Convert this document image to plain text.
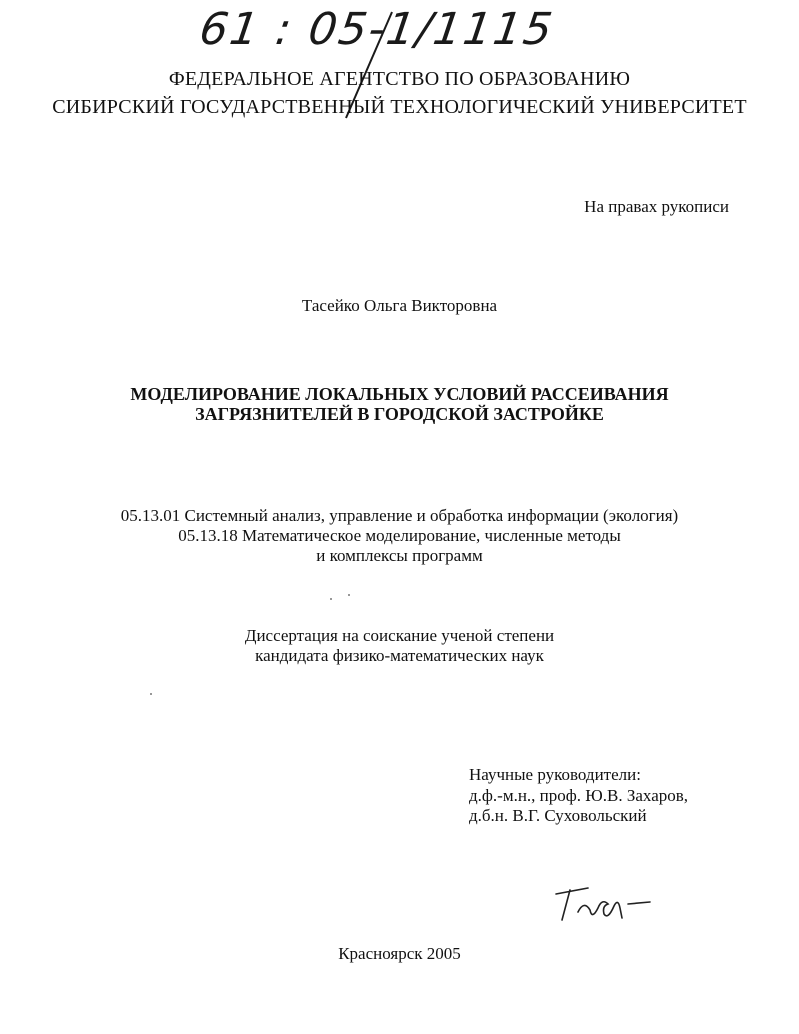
61 : 05-1/1115
ФЕДЕРАЛЬНОЕ АГЕНТСТВО ПО ОБРАЗОВАНИЮ
СИБИРСКИЙ ГОСУДАРСТВЕННЫЙ ТЕХНОЛОГИЧЕСКИЙ УНИВЕРСИТЕТ
На правах рукописи
Тасейко Ольга Викторовна
МОДЕЛИРОВАНИЕ ЛОКАЛЬНЫХ УСЛОВИЙ РАССЕИВАНИЯ
ЗАГРЯЗНИТЕЛЕЙ В ГОРОДСКОЙ ЗАСТРОЙКЕ
05.13.01 Системный анализ, управление и обработка информации (экология)
05.13.18 Математическое моделирование, численные методы
и комплексы программ
Диссертация на соискание ученой степени
кандидата физико-математических наук
Научные руководители:
д.ф.-м.н., проф. Ю.В. Захаров,
д.б.н. В.Г. Суховольский
Красноярск 2005
